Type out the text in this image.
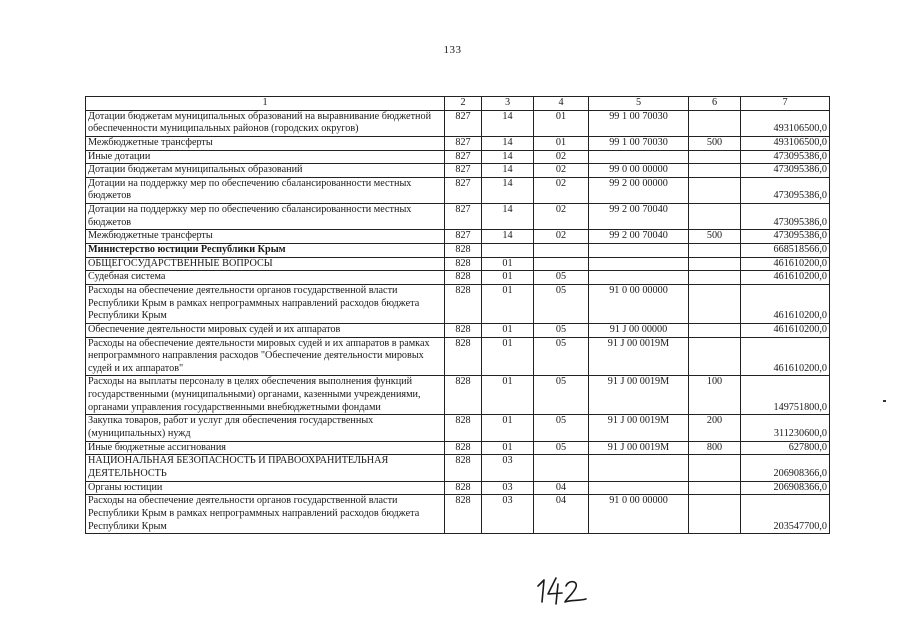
133
1	2	3	4	5	6	7
Дотации бюджетам муниципальных образований на выравнивание бюджетной обеспеченности муниципальных районов (городских округов)	827	14	01	99 1 00 70030		493106500,0
Межбюджетные трансферты	827	14	01	99 1 00 70030	500	493106500,0
Иные дотации	827	14	02			473095386,0
Дотации бюджетам муниципальных образований	827	14	02	99 0 00 00000		473095386,0
Дотации на поддержку мер по обеспечению сбалансированности местных бюджетов	827	14	02	99 2 00 00000		473095386,0
Дотации на поддержку мер по обеспечению сбалансированности местных бюджетов	827	14	02	99 2 00 70040		473095386,0
Межбюджетные трансферты	827	14	02	99 2 00 70040	500	473095386,0
Министерство юстиции Республики Крым	828					668518566,0
ОБЩЕГОСУДАРСТВЕННЫЕ ВОПРОСЫ	828	01				461610200,0
Судебная система	828	01	05			461610200,0
Расходы на обеспечение деятельности органов государственной власти Республики Крым в рамках непрограммных направлений расходов бюджета Республики Крым	828	01	05	91 0 00 00000		461610200,0
Обеспечение деятельности мировых судей и их аппаратов	828	01	05	91 J 00 00000		461610200,0
Расходы на обеспечение деятельности мировых судей и их аппаратов в рамках непрограммного направления расходов "Обеспечение деятельности мировых судей и их аппаратов"	828	01	05	91 J 00 0019M		461610200,0
Расходы на выплаты персоналу в целях обеспечения выполнения функций государственными (муниципальными) органами, казенными учреждениями, органами управления государственными внебюджетными фондами	828	01	05	91 J 00 0019M	100	149751800,0
Закупка товаров, работ и услуг для обеспечения государственных (муниципальных) нужд	828	01	05	91 J 00 0019M	200	311230600,0
Иные бюджетные ассигнования	828	01	05	91 J 00 0019M	800	627800,0
НАЦИОНАЛЬНАЯ БЕЗОПАСНОСТЬ И ПРАВООХРАНИТЕЛЬНАЯ ДЕЯТЕЛЬНОСТЬ	828	03				206908366,0
Органы юстиции	828	03	04			206908366,0
Расходы на обеспечение деятельности органов государственной власти Республики Крым в рамках непрограммных направлений расходов бюджета Республики Крым	828	03	04	91 0 00 00000		203547700,0
